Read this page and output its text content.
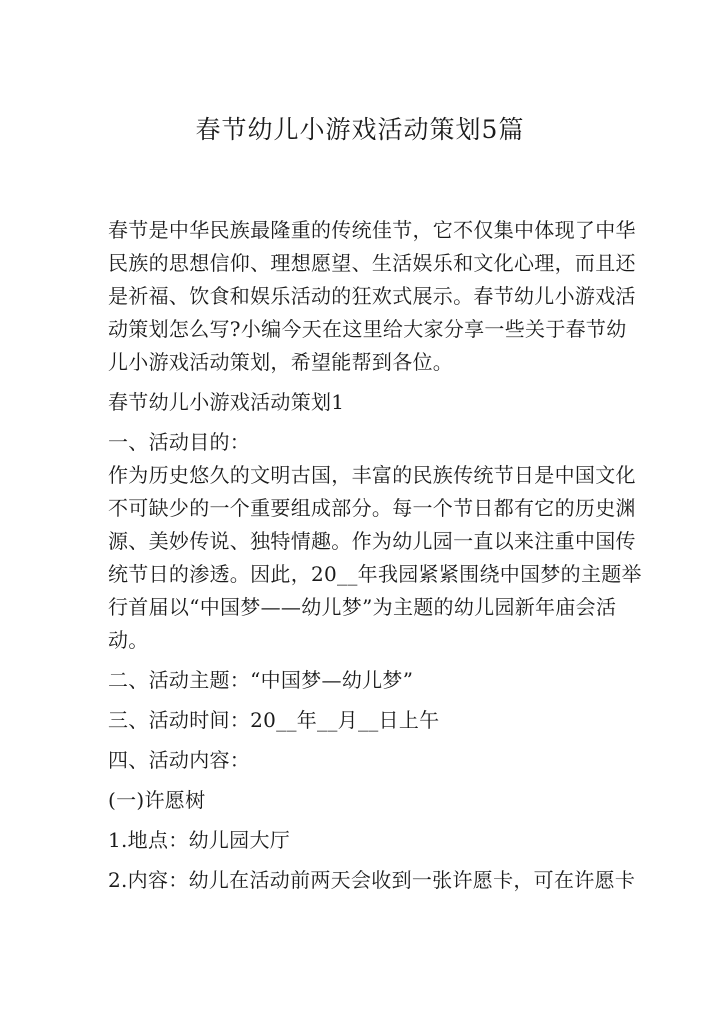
春节幼儿小游戏活动策划5篇
春节是中华民族最隆重的传统佳节，它不仅集中体现了中华
民族的思想信仰、理想愿望、生活娱乐和文化心理，而且还
是祈福、饮食和娱乐活动的狂欢式展示。春节幼儿小游戏活
动策划怎么写?小编今天在这里给大家分享一些关于春节幼
儿小游戏活动策划，希望能帮到各位。
春节幼儿小游戏活动策划1
一、活动目的：
作为历史悠久的文明古国，丰富的民族传统节日是中国文化
不可缺少的一个重要组成部分。每一个节日都有它的历史渊
源、美妙传说、独特情趣。作为幼儿园一直以来注重中国传
统节日的渗透。因此，20__年我园紧紧围绕中国梦的主题举
行首届以“中国梦——幼儿梦”为主题的幼儿园新年庙会活
动。
二、活动主题：“中国梦—幼儿梦”
三、活动时间：20__年__月__日上午
四、活动内容：
(一)许愿树
1.地点：幼儿园大厅
2.内容：幼儿在活动前两天会收到一张许愿卡，可在许愿卡
